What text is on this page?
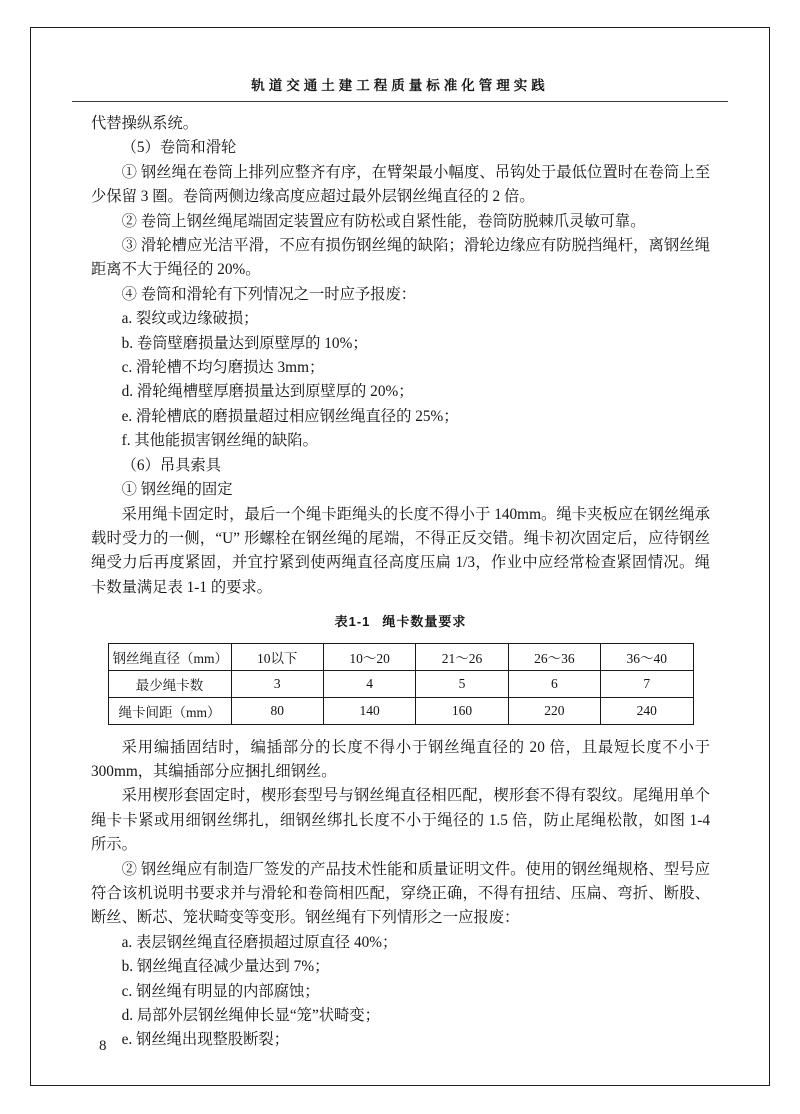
轨道交通土建工程质量标准化管理实践

代替操纵系统。

（5）卷筒和滑轮

① 钢丝绳在卷筒上排列应整齐有序，在臂架最小幅度、吊钩处于最低位置时在卷筒上至少保留 3 圈。卷筒两侧边缘高度应超过最外层钢丝绳直径的 2 倍。

② 卷筒上钢丝绳尾端固定装置应有防松或自紧性能，卷筒防脱棘爪灵敏可靠。

③ 滑轮槽应光洁平滑，不应有损伤钢丝绳的缺陷；滑轮边缘应有防脱挡绳杆，离钢丝绳距离不大于绳径的 20%。

④ 卷筒和滑轮有下列情况之一时应予报废：

a. 裂纹或边缘破损；

b. 卷筒壁磨损量达到原壁厚的 10%；

c. 滑轮槽不均匀磨损达 3mm；

d. 滑轮绳槽壁厚磨损量达到原壁厚的 20%；

e. 滑轮槽底的磨损量超过相应钢丝绳直径的 25%；

f. 其他能损害钢丝绳的缺陷。

（6）吊具索具

① 钢丝绳的固定

采用绳卡固定时，最后一个绳卡距绳头的长度不得小于 140mm。绳卡夹板应在钢丝绳承载时受力的一侧，“U” 形螺栓在钢丝绳的尾端，不得正反交错。绳卡初次固定后，应待钢丝绳受力后再度紧固，并宜拧紧到使两绳直径高度压扁 1/3，作业中应经常检查紧固情况。绳卡数量满足表 1-1 的要求。

表1-1 绳卡数量要求
钢丝绳直径（mm）	10以下	10～20	21～26	26～36	36～40
最少绳卡数	3	4	5	6	7
绳卡间距（mm）	80	140	160	220	240

采用编插固结时，编插部分的长度不得小于钢丝绳直径的 20 倍，且最短长度不小于 300mm，其编插部分应捆扎细钢丝。

采用楔形套固定时，楔形套型号与钢丝绳直径相匹配，楔形套不得有裂纹。尾绳用单个绳卡卡紧或用细钢丝绑扎，细钢丝绑扎长度不小于绳径的 1.5 倍，防止尾绳松散，如图 1-4 所示。

② 钢丝绳应有制造厂签发的产品技术性能和质量证明文件。使用的钢丝绳规格、型号应符合该机说明书要求并与滑轮和卷筒相匹配，穿绕正确，不得有扭结、压扁、弯折、断股、断丝、断芯、笼状畸变等变形。钢丝绳有下列情形之一应报废：

a. 表层钢丝绳直径磨损超过原直径 40%；

b. 钢丝绳直径减少量达到 7%；

c. 钢丝绳有明显的内部腐蚀；

d. 局部外层钢丝绳伸长显“笼”状畸变；

e. 钢丝绳出现整股断裂；

8
